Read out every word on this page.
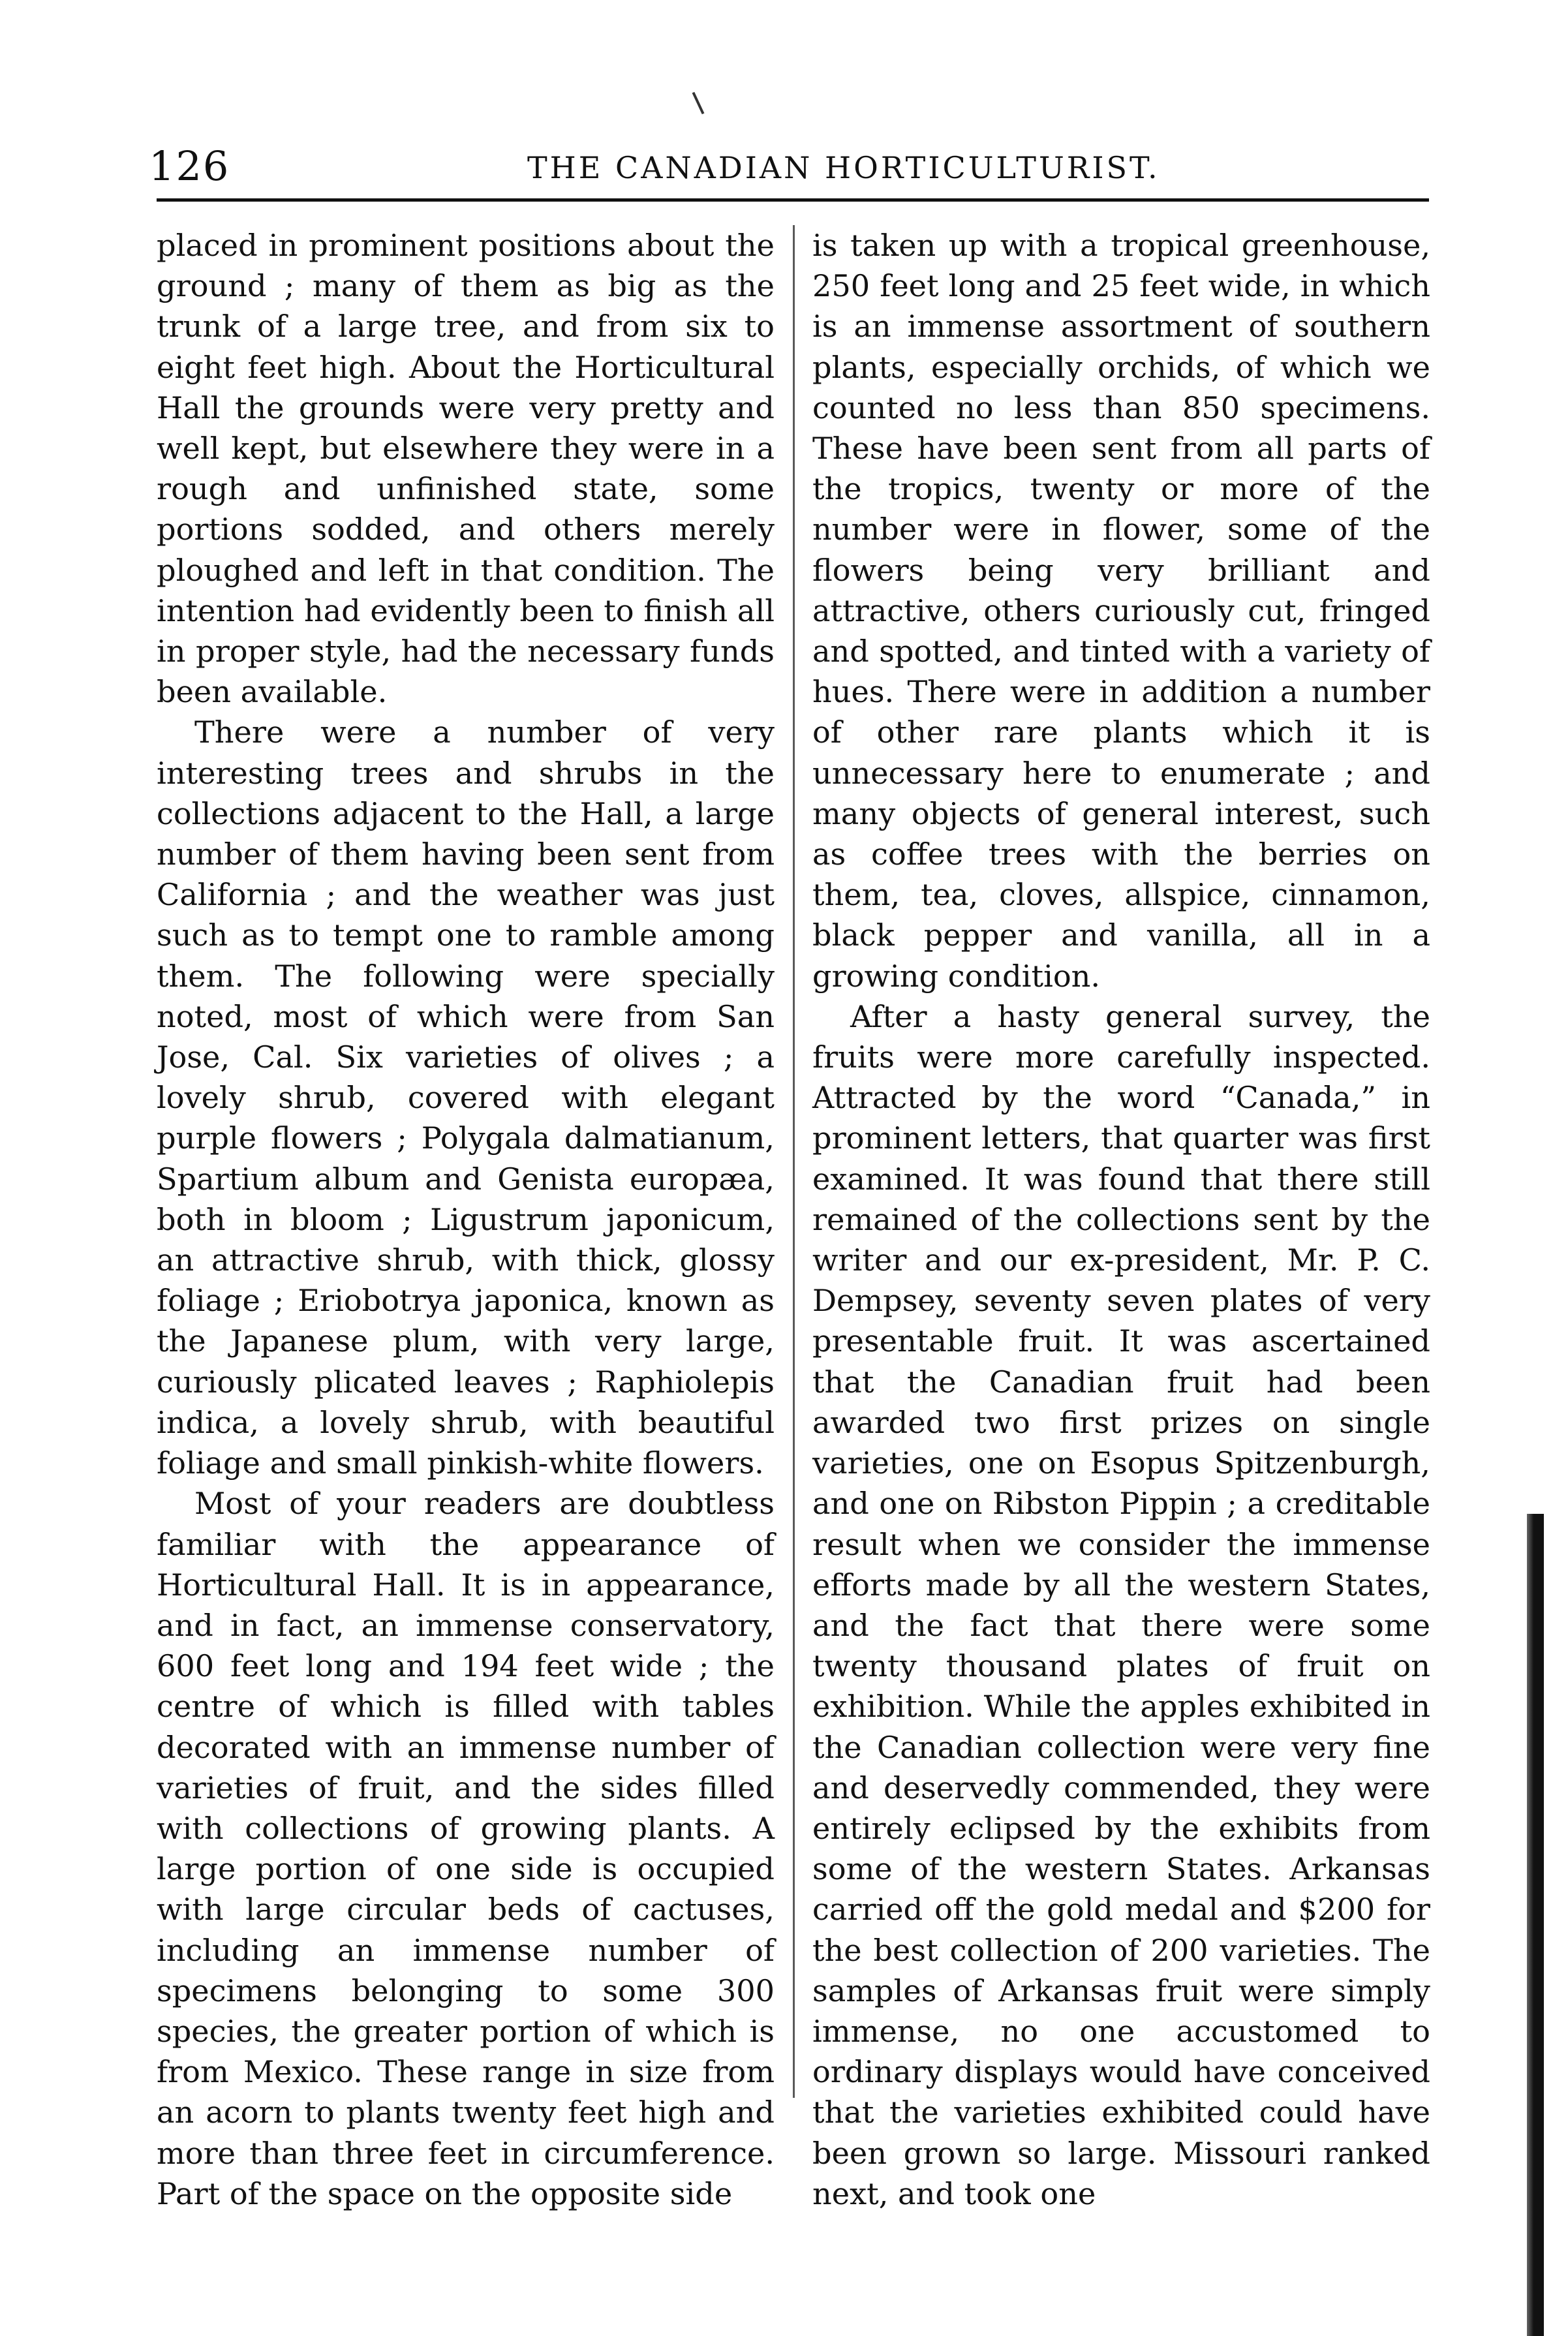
126	THE CANADIAN HORTICULTURIST.

placed in prominent positions about the ground ; many of them as big as the trunk of a large tree, and from six to eight feet high. About the Horticultural Hall the grounds were very pretty and well kept, but elsewhere they were in a rough and unfinished state, some portions sodded, and others merely ploughed and left in that condition. The intention had evidently been to finish all in proper style, had the necessary funds been available.

There were a number of very interesting trees and shrubs in the collections adjacent to the Hall, a large number of them having been sent from California ; and the weather was just such as to tempt one to ramble among them. The following were specially noted, most of which were from San Jose, Cal. Six varieties of olives ; a lovely shrub, covered with elegant purple flowers ; Polygala dalmatianum, Spartium album and Genista europæa, both in bloom ; Ligustrum japonicum, an attractive shrub, with thick, glossy foliage ; Eriobotrya japonica, known as the Japanese plum, with very large, curiously plicated leaves ; Raphiolepis indica, a lovely shrub, with beautiful foliage and small pinkish-white flowers.

Most of your readers are doubtless familiar with the appearance of Horticultural Hall. It is in appearance, and in fact, an immense conservatory, 600 feet long and 194 feet wide ; the centre of which is filled with tables decorated with an immense number of varieties of fruit, and the sides filled with collections of growing plants. A large portion of one side is occupied with large circular beds of cactuses, including an immense number of specimens belonging to some 300 species, the greater portion of which is from Mexico. These range in size from an acorn to plants twenty feet high and more than three feet in circumference. Part of the space on the opposite side

is taken up with a tropical greenhouse, 250 feet long and 25 feet wide, in which is an immense assortment of southern plants, especially orchids, of which we counted no less than 850 specimens. These have been sent from all parts of the tropics, twenty or more of the number were in flower, some of the flowers being very brilliant and attractive, others curiously cut, fringed and spotted, and tinted with a variety of hues. There were in addition a number of other rare plants which it is unnecessary here to enumerate ; and many objects of general interest, such as coffee trees with the berries on them, tea, cloves, allspice, cinnamon, black pepper and vanilla, all in a growing condition.

After a hasty general survey, the fruits were more carefully inspected. Attracted by the word “Canada,” in prominent letters, that quarter was first examined. It was found that there still remained of the collections sent by the writer and our ex-president, Mr. P. C. Dempsey, seventy seven plates of very presentable fruit. It was ascertained that the Canadian fruit had been awarded two first prizes on single varieties, one on Esopus Spitzenburgh, and one on Ribston Pippin ; a creditable result when we consider the immense efforts made by all the western States, and the fact that there were some twenty thousand plates of fruit on exhibition. While the apples exhibited in the Canadian collection were very fine and deservedly commended, they were entirely eclipsed by the exhibits from some of the western States. Arkansas carried off the gold medal and $200 for the best collection of 200 varieties. The samples of Arkansas fruit were simply immense, no one accustomed to ordinary displays would have conceived that the varieties exhibited could have been grown so large. Missouri ranked next, and took one
